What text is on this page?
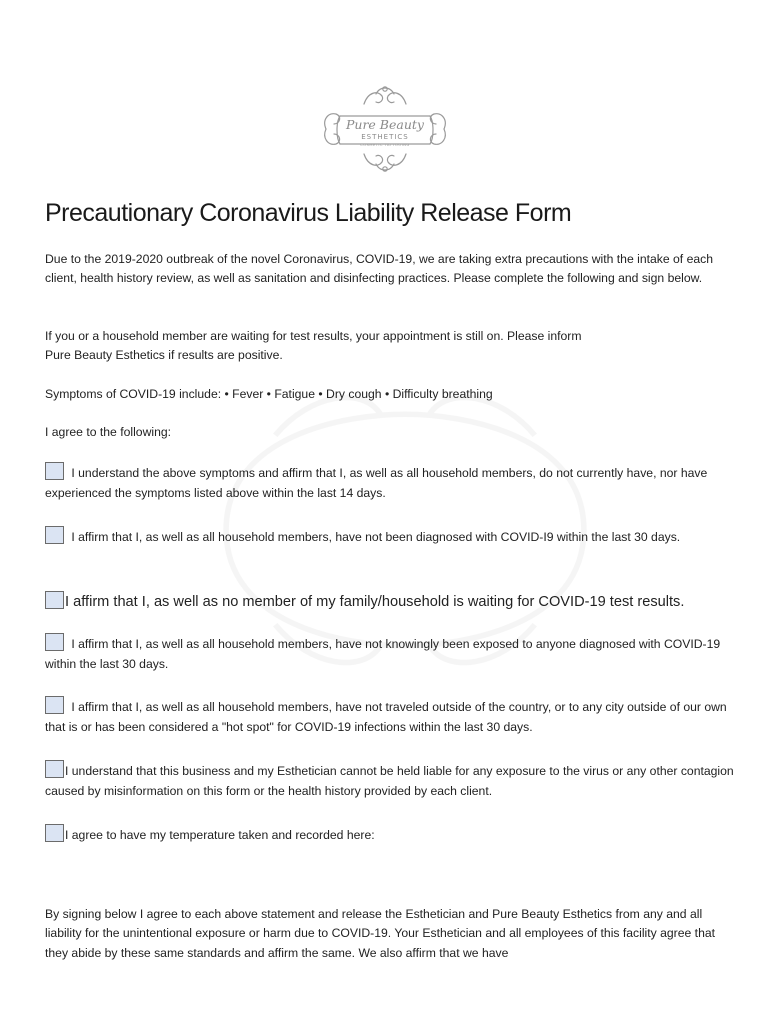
Pure Beauty
ESTHETICS
COSMETIC TATTOOING
Precautionary Coronavirus Liability Release Form

Due to the 2019-2020 outbreak of the novel Coronavirus, COVID-19, we are taking extra precautions with the intake of each client, health history review, as well as sanitation and disinfecting practices. Please complete the following and sign below.

If you or a household member are waiting for test results, your appointment is still on. Please inform
Pure Beauty Esthetics if results are positive.

Symptoms of COVID-19 include: • Fever • Fatigue • Dry cough • Difficulty breathing

I agree to the following:

I understand the above symptoms and affirm that I, as well as all household members, do not currently have, nor have experienced the symptoms listed above within the last 14 days.

I affirm that I, as well as all household members, have not been diagnosed with COVID-I9 within the last 30 days.

I affirm that I, as well as no member of my family/household is waiting for COVID-19 test results.

I affirm that I, as well as all household members, have not knowingly been exposed to anyone diagnosed with COVID-19 within the last 30 days.

I affirm that I, as well as all household members, have not traveled outside of the country, or to any city outside of our own that is or has been considered a "hot spot" for COVID-19 infections within the last 30 days.

I understand that this business and my Esthetician cannot be held liable for any exposure to the virus or any other contagion caused by misinformation on this form or the health history provided by each client.

I agree to have my temperature taken and recorded here:

By signing below I agree to each above statement and release the Esthetician and Pure Beauty Esthetics from any and all liability for the unintentional exposure or harm due to COVID-19. Your Esthetician and all employees of this facility agree that they abide by these same standards and affirm the same. We also affirm that we have
